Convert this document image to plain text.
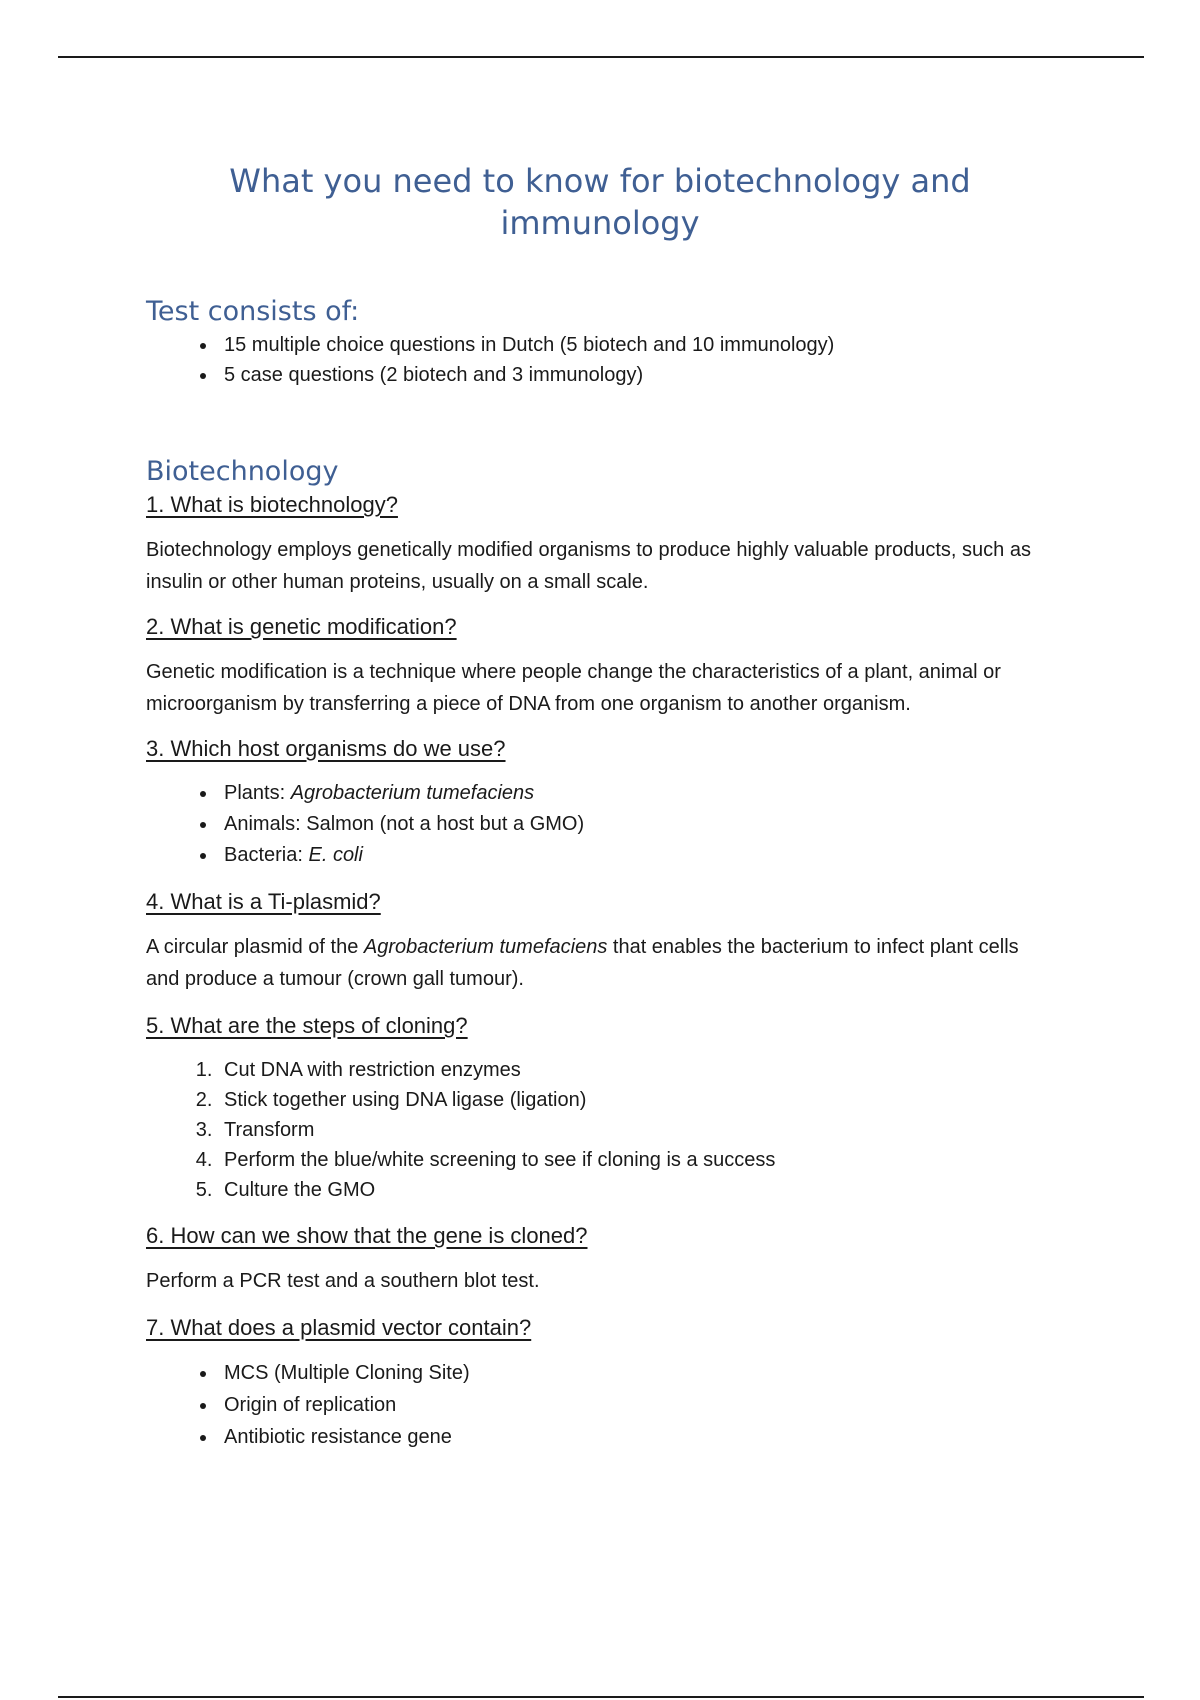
What you need to know for biotechnology and immunology
Test consists of:
• 15 multiple choice questions in Dutch (5 biotech and 10 immunology)
• 5 case questions (2 biotech and 3 immunology)
Biotechnology
1. What is biotechnology?

Biotechnology employs genetically modified organisms to produce highly valuable products, such as insulin or other human proteins, usually on a small scale.

2. What is genetic modification?

Genetic modification is a technique where people change the characteristics of a plant, animal or microorganism by transferring a piece of DNA from one organism to another organism.

3. Which host organisms do we use?
• Plants: Agrobacterium tumefaciens
• Animals: Salmon (not a host but a GMO)
• Bacteria: E. coli
4. What is a Ti-plasmid?

A circular plasmid of the Agrobacterium tumefaciens that enables the bacterium to infect plant cells and produce a tumour (crown gall tumour).

5. What are the steps of cloning?
1. Cut DNA with restriction enzymes
2. Stick together using DNA ligase (ligation)
3. Transform
4. Perform the blue/white screening to see if cloning is a success
5. Culture the GMO
6. How can we show that the gene is cloned?

Perform a PCR test and a southern blot test.

7. What does a plasmid vector contain?
• MCS (Multiple Cloning Site)
• Origin of replication
• Antibiotic resistance gene
